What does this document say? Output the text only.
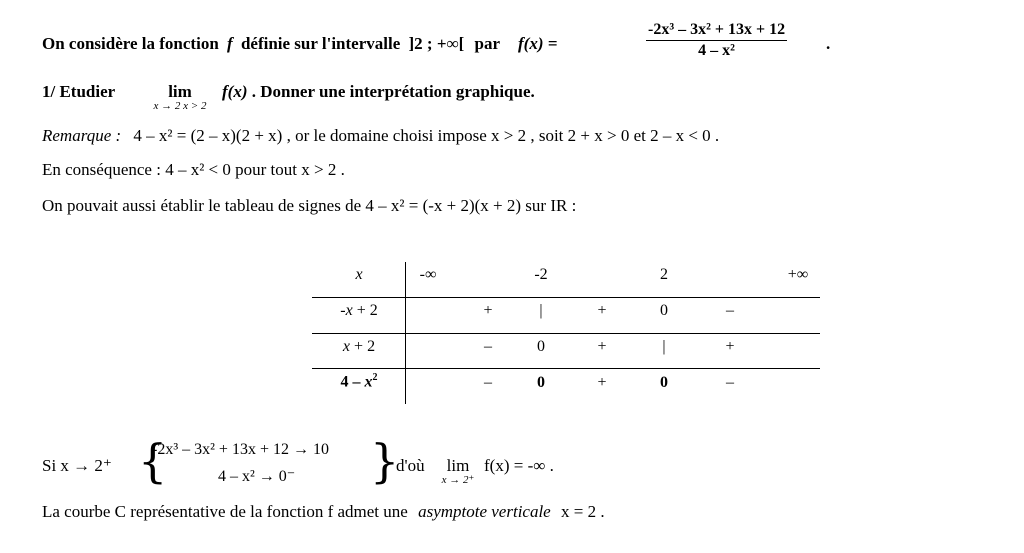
On considère la fonction f définie sur l'intervalle ]2 ; +∞[ par f(x) =	$\frac{\text{-2x³ – 3x² + 13x + 12}}{\text{4 – x²}}$ .
1/ Etudier	lim
x → 2 x > 2
f(x) . Donner une interprétation graphique.
Remarque : 4 – x² = (2 – x)(2 + x) , or le domaine choisi impose x > 2 , soit 2 + x > 0 et 2 – x < 0 .
En conséquence : 4 – x² < 0 pour tout x > 2 .
On pouvait aussi établir le tableau de signes de 4 – x² = (-x + 2)(x + 2) sur IR :
x	-∞	-2	2	+∞
-x + 2	+	|	+	0	–
x + 2	–	0	+	|	+
$4 - x^2$	–	0	+	0	–
Si x → 2⁺ {
-2x³ – 3x² + 13x + 12 → 10
4 – x² → 0⁻ }
d'où	lim
x → 2⁺
f(x) = -∞ .
La courbe C représentative de la fonction f admet une asymptote verticale x = 2 .
